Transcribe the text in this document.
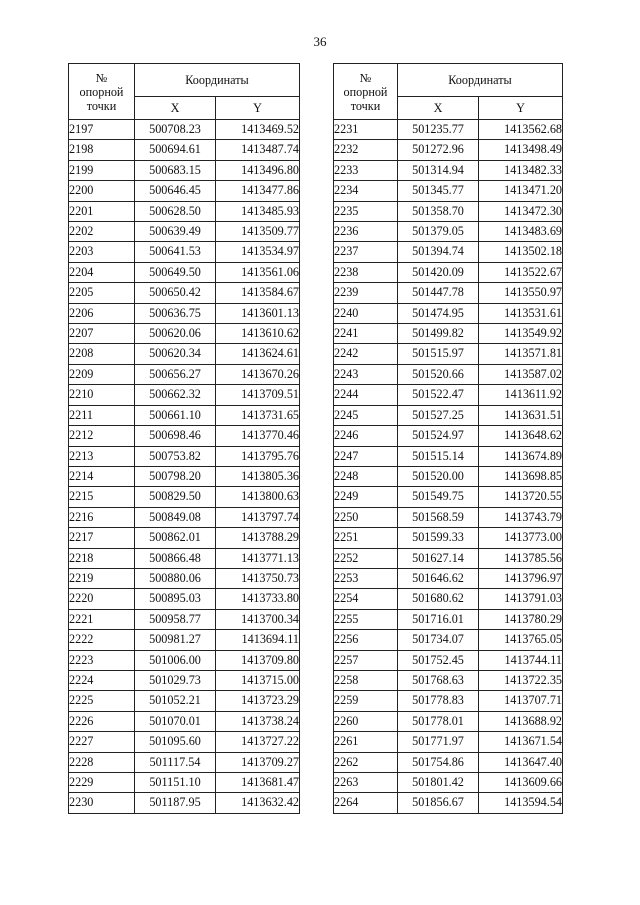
36
№
опорной
точки	Координаты	
	X	Y
2197	500708.23	1413469.52
2198	500694.61	1413487.74
2199	500683.15	1413496.80
2200	500646.45	1413477.86
2201	500628.50	1413485.93
2202	500639.49	1413509.77
2203	500641.53	1413534.97
2204	500649.50	1413561.06
2205	500650.42	1413584.67
2206	500636.75	1413601.13
2207	500620.06	1413610.62
2208	500620.34	1413624.61
2209	500656.27	1413670.26
2210	500662.32	1413709.51
2211	500661.10	1413731.65
2212	500698.46	1413770.46
2213	500753.82	1413795.76
2214	500798.20	1413805.36
2215	500829.50	1413800.63
2216	500849.08	1413797.74
2217	500862.01	1413788.29
2218	500866.48	1413771.13
2219	500880.06	1413750.73
2220	500895.03	1413733.80
2221	500958.77	1413700.34
2222	500981.27	1413694.11
2223	501006.00	1413709.80
2224	501029.73	1413715.00
2225	501052.21	1413723.29
2226	501070.01	1413738.24
2227	501095.60	1413727.22
2228	501117.54	1413709.27
2229	501151.10	1413681.47
2230	501187.95	1413632.42
№
опорной
точки	Координаты	
	X	Y
2231	501235.77	1413562.68
2232	501272.96	1413498.49
2233	501314.94	1413482.33
2234	501345.77	1413471.20
2235	501358.70	1413472.30
2236	501379.05	1413483.69
2237	501394.74	1413502.18
2238	501420.09	1413522.67
2239	501447.78	1413550.97
2240	501474.95	1413531.61
2241	501499.82	1413549.92
2242	501515.97	1413571.81
2243	501520.66	1413587.02
2244	501522.47	1413611.92
2245	501527.25	1413631.51
2246	501524.97	1413648.62
2247	501515.14	1413674.89
2248	501520.00	1413698.85
2249	501549.75	1413720.55
2250	501568.59	1413743.79
2251	501599.33	1413773.00
2252	501627.14	1413785.56
2253	501646.62	1413796.97
2254	501680.62	1413791.03
2255	501716.01	1413780.29
2256	501734.07	1413765.05
2257	501752.45	1413744.11
2258	501768.63	1413722.35
2259	501778.83	1413707.71
2260	501778.01	1413688.92
2261	501771.97	1413671.54
2262	501754.86	1413647.40
2263	501801.42	1413609.66
2264	501856.67	1413594.54
